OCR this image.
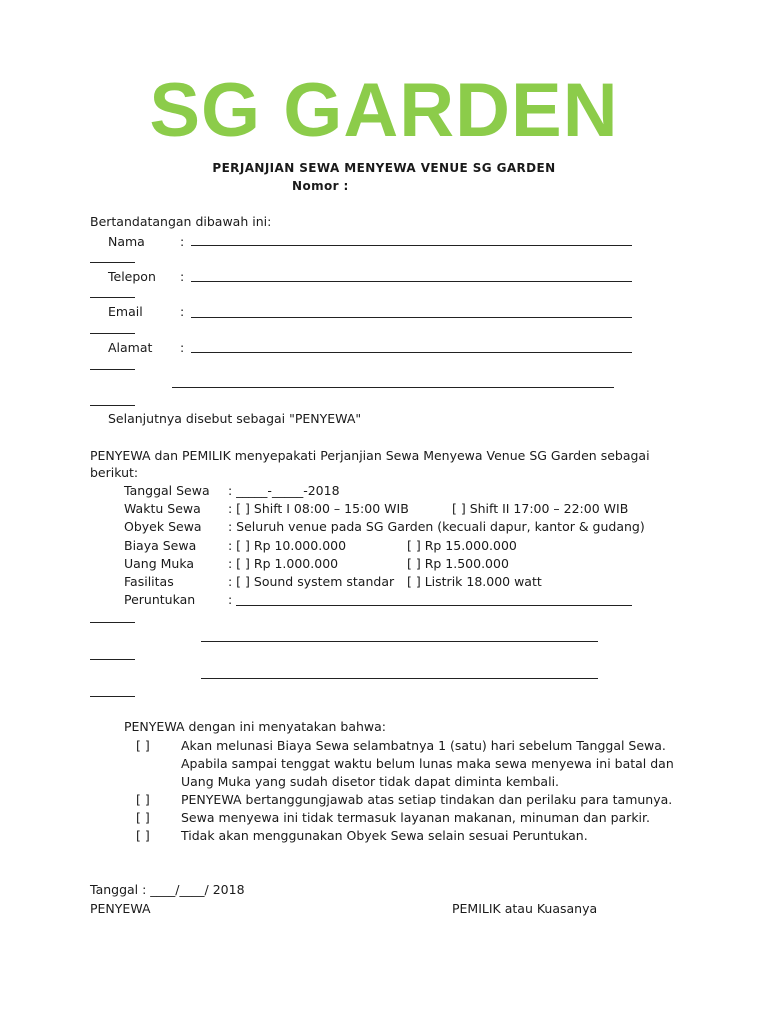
SG GARDEN
PERJANJIAN SEWA MENYEWA VENUE SG GARDEN
Nomor :
Bertandatangan dibawah ini:
Nama	:
Telepon :
Email	:
Alamat :
Selanjutnya disebut sebagai "PENYEWA"
PENYEWA dan PEMILIK menyepakati Perjanjian Sewa Menyewa Venue SG Garden sebagai
berikut:
Tanggal Sewa : _____-_____-2018
Waktu Sewa : [ ] Shift I 08:00 – 15:00 WIB	[ ] Shift II 17:00 – 22:00 WIB
Obyek Sewa : Seluruh venue pada SG Garden (kecuali dapur, kantor & gudang)
Biaya Sewa	: [ ] Rp 10.000.000	[ ] Rp 15.000.000
Uang Muka	: [ ] Rp 1.000.000	[ ] Rp 1.500.000
Fasilitas	: [ ] Sound system standar [ ] Listrik 18.000 watt
Peruntukan	:
PENYEWA dengan ini menyatakan bahwa:
[ ]	Akan melunasi Biaya Sewa selambatnya 1 (satu) hari sebelum Tanggal Sewa.
Apabila sampai tenggat waktu belum lunas maka sewa menyewa ini batal dan
Uang Muka yang sudah disetor tidak dapat diminta kembali.
[ ]	PENYEWA bertanggungjawab atas setiap tindakan dan perilaku para tamunya.
[ ]	Sewa menyewa ini tidak termasuk layanan makanan, minuman dan parkir.
[ ]	Tidak akan menggunakan Obyek Sewa selain sesuai Peruntukan.
Tanggal : ____/____/ 2018
PENYEWA	PEMILIK atau Kuasanya
